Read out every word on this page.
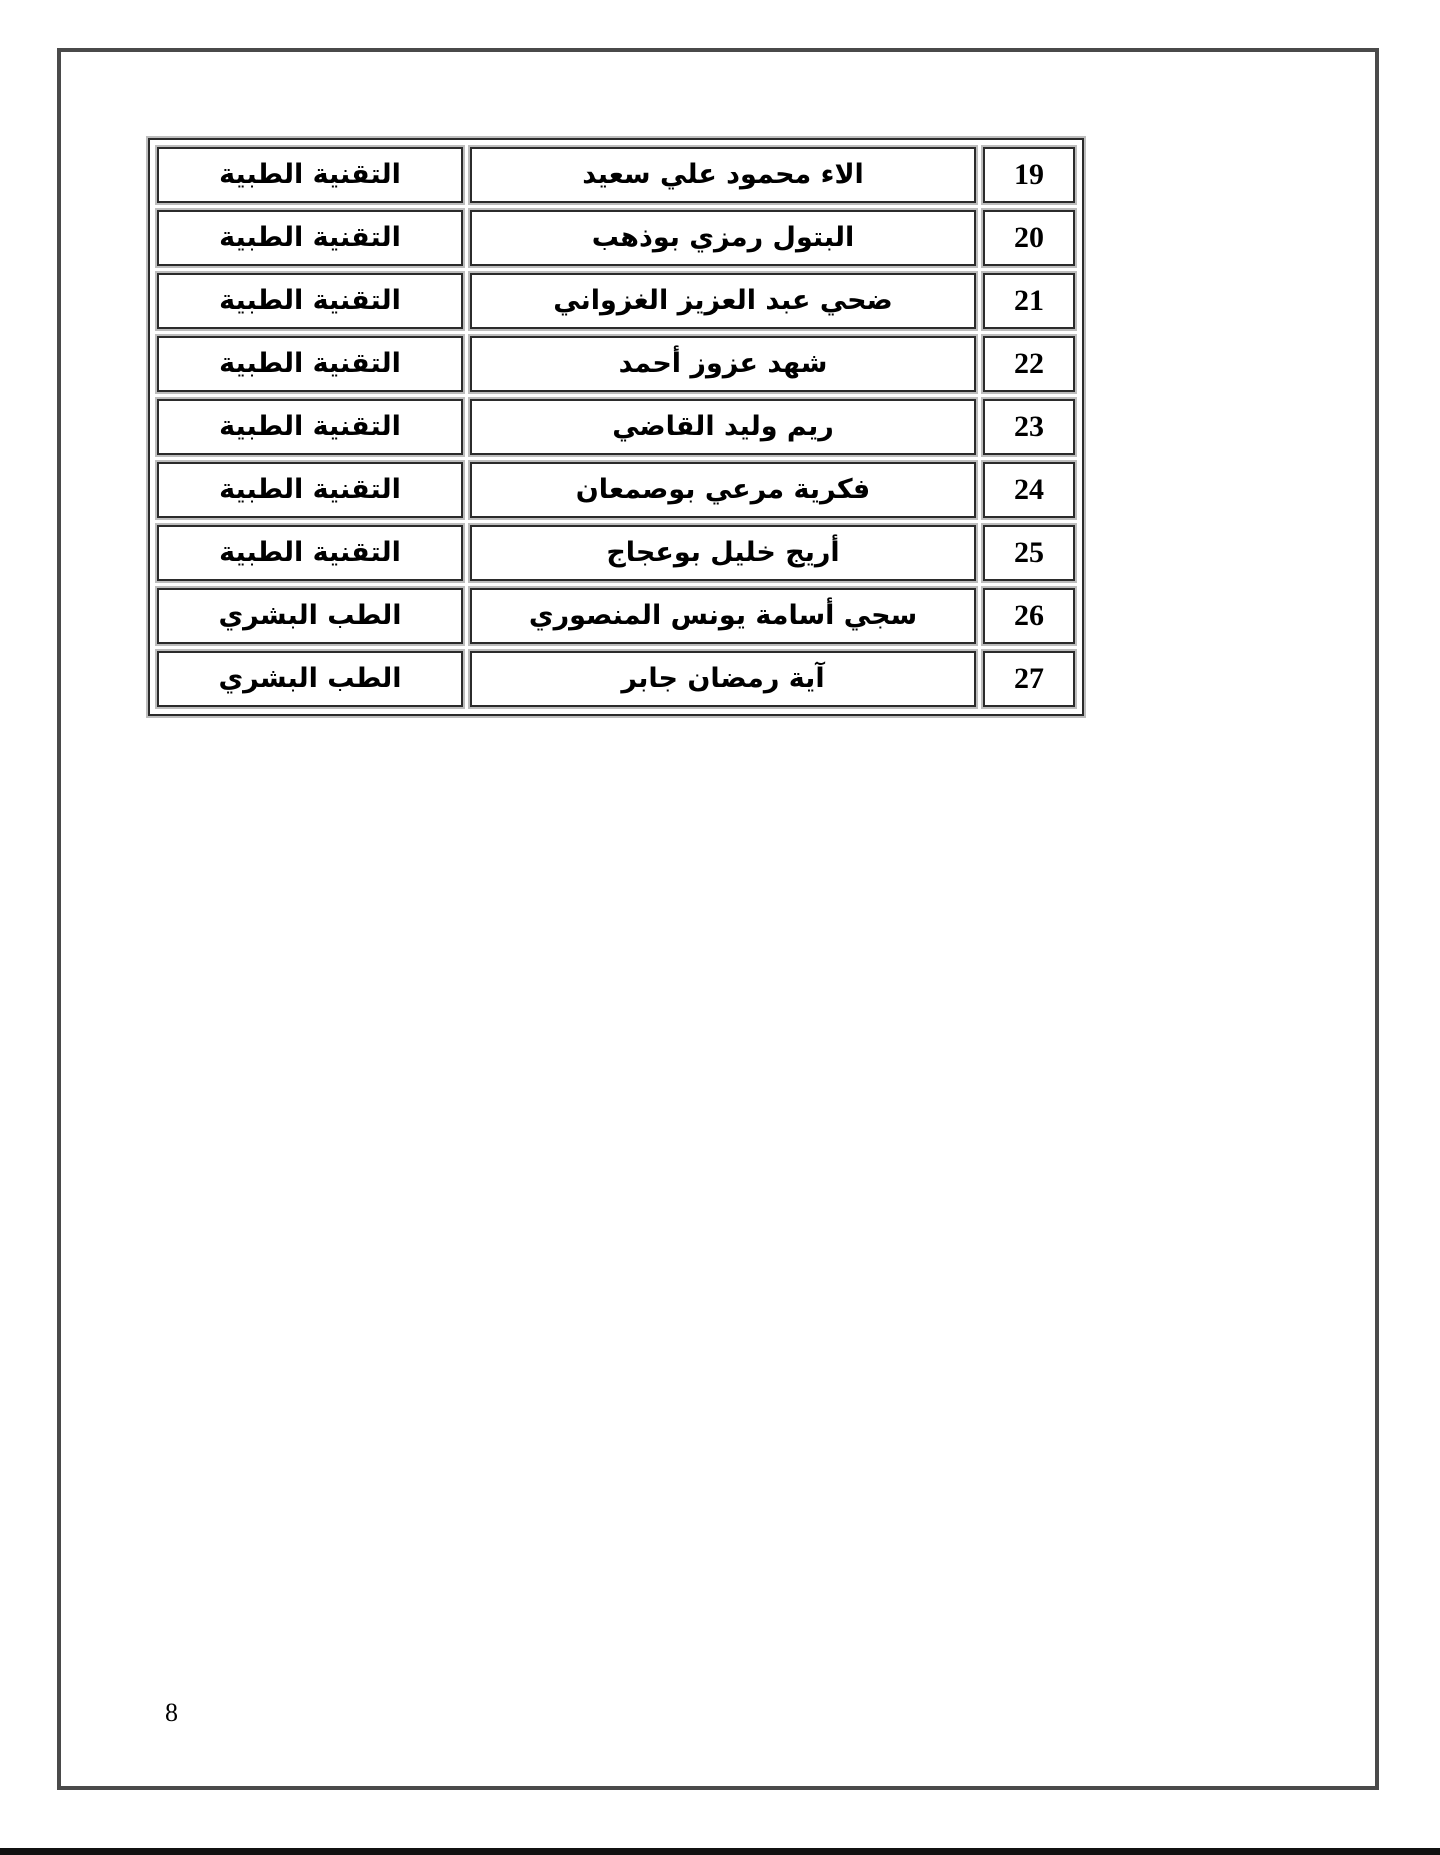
19	الاء محمود علي سعيد	التقنية الطبية
20	البتول رمزي بوذهب	التقنية الطبية
21	ضحي عبد العزيز الغزواني	التقنية الطبية
22	شهد عزوز أحمد	التقنية الطبية
23	ريم وليد القاضي	التقنية الطبية
24	فكرية مرعي بوصمعان	التقنية الطبية
25	أريج خليل بوعجاج	التقنية الطبية
26	سجي أسامة يونس المنصوري	الطب البشري
27	آية رمضان جابر	الطب البشري
8
